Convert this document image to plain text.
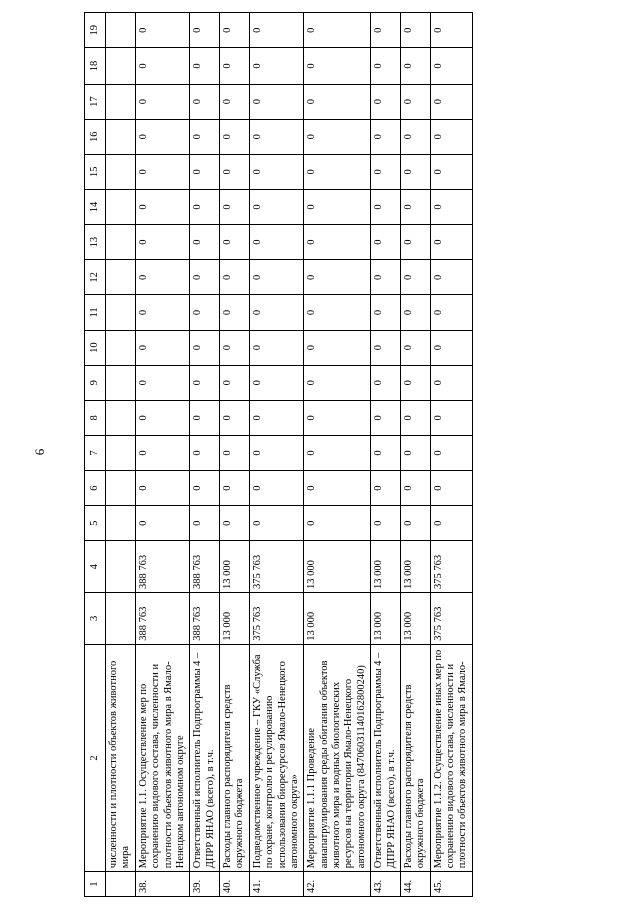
6
1	2	3	4	5	6	7	8	9	10	11	12	13	14	15	16	17	18	19
	численности и плотности объектов животного мира																	
38.	Мероприятие 1.1. Осуществление мер по сохранению видового состава, численности и плотности объектов животного мира в Ямало-Ненецком автономном округе	388 763	388 763	0	0	0	0	0	0	0	0	0	0	0	0	0	0	0
39.	Ответственный исполнитель Подпрограммы 4 – ДПРР ЯНАО (всего), в т.ч.	388 763	388 763	0	0	0	0	0	0	0	0	0	0	0	0	0	0	0
40.	Расходы главного распорядителя средств окружного бюджета	13 000	13 000	0	0	0	0	0	0	0	0	0	0	0	0	0	0	0
41.	Подведомственное учреждение – ГКУ «Служба по охране, контролю и регулированию использования биоресурсов Ямало-Ненецкого автономного округа»	375 763	375 763	0	0	0	0	0	0	0	0	0	0	0	0	0	0	0
42.	Мероприятие 1.1.1 Проведение авиапатрулирования среды обитания объектов животного мира и водных биологических ресурсов на территории Ямало-Ненецкого автономного округа (84706031140162800240)	13 000	13 000	0	0	0	0	0	0	0	0	0	0	0	0	0	0	0
43.	Ответственный исполнитель Подпрограммы 4 – ДПРР ЯНАО (всего), в т.ч.	13 000	13 000	0	0	0	0	0	0	0	0	0	0	0	0	0	0	0
44.	Расходы главного распорядителя средств окружного бюджета	13 000	13 000	0	0	0	0	0	0	0	0	0	0	0	0	0	0	0
45.	Мероприятие 1.1.2. Осуществление иных мер по сохранению видового состава, численности и плотности объектов животного мира в Ямало-	375 763	375 763	0	0	0	0	0	0	0	0	0	0	0	0	0	0	0
